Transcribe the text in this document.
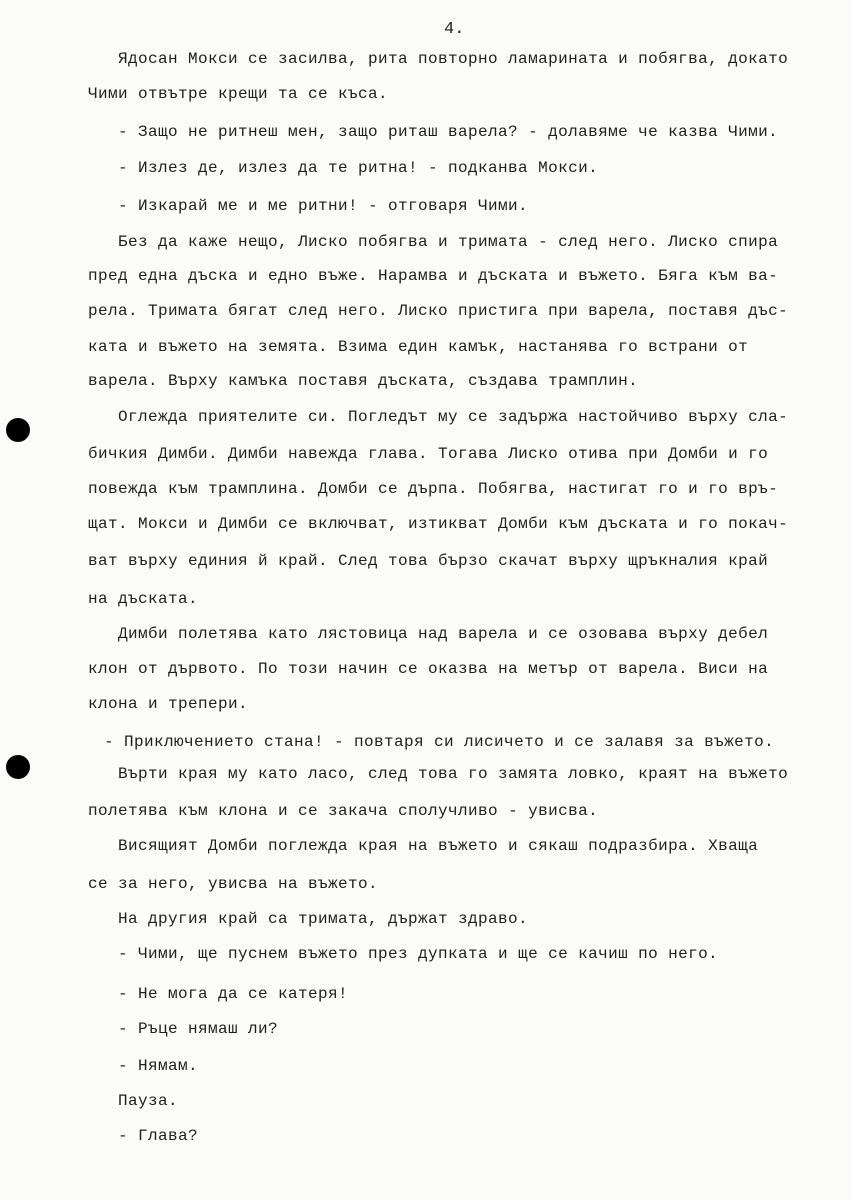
4.

Ядосан Мокси се засилва, рита повторно ламарината и побягва, докато

Чими отвътре крещи та се къса.

- Защо не ритнеш мен, защо риташ варела? - долавяме че казва Чими.

- Излез де, излез да те ритна! - подканва Мокси.

- Изкарай ме и ме ритни! - отговаря Чими.

Без да каже нещо, Лиско побягва и тримата - след него. Лиско спира

пред една дъска и едно въже. Нарамва и дъската и въжето. Бяга към ва-

рела. Тримата бягат след него. Лиско пристига при варела, поставя дъс-

ката и въжето на земята. Взима един камък, настанява го встрани от

варела. Върху камъка поставя дъската, създава трамплин.

Оглежда приятелите си. Погледът му се задържа настойчиво върху сла-

бичкия Димби. Димби навежда глава. Тогава Лиско отива при Домби и го

повежда към трамплина. Домби се дърпа. Побягва, настигат го и го връ-

щат. Мокси и Димби се включват, изтикват Домби към дъската и го покач-

ват върху единия й край. След това бързо скачат върху щръкналия край

на дъската.

Димби полетява като лястовица над варела и се озовава върху дебел

клон от дървото. По този начин се оказва на метър от варела. Виси на

клона и трепери.

- Приключението стана! - повтаря си лисичето и се залавя за въжето.

Върти края му като ласо, след това го замята ловко, краят на въжето

полетява към клона и се закача сполучливо - увисва.

Висящият Домби поглежда края на въжето и сякаш подразбира. Хваща

се за него, увисва на въжето.

На другия край са тримата, държат здраво.

- Чими, ще пуснем въжето през дупката и ще се качиш по него.

- Не мога да се катеря!

- Ръце нямаш ли?

- Нямам.

Пауза.

- Глава?
